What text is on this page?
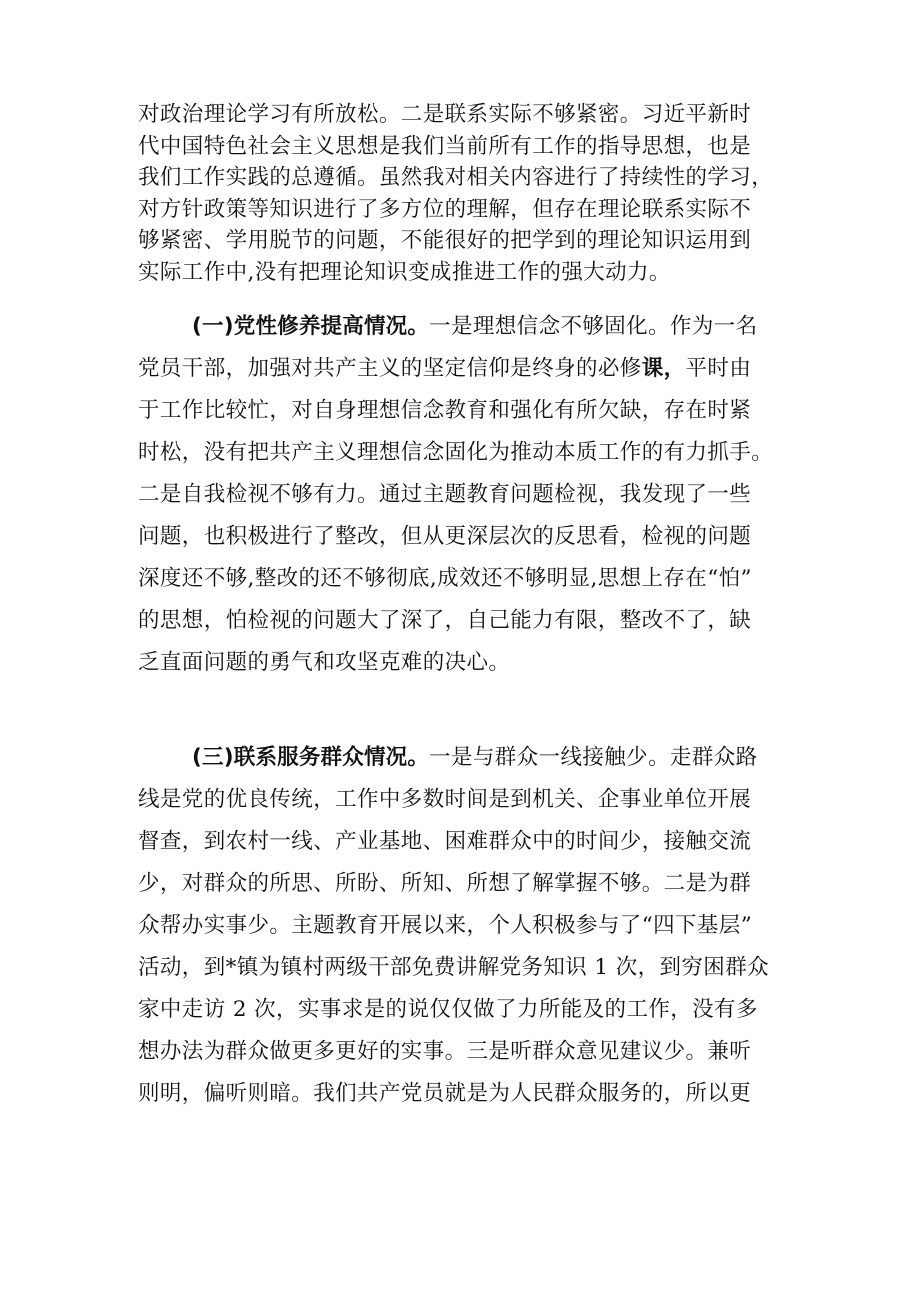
对政治理论学习有所放松。二是联系实际不够紧密。习近平新时
代中国特色社会主义思想是我们当前所有工作的指导思想，也是
我们工作实践的总遵循。虽然我对相关内容进行了持续性的学习，
对方针政策等知识进行了多方位的理解，但存在理论联系实际不
够紧密、学用脱节的问题，不能很好的把学到的理论知识运用到
实际工作中,没有把理论知识变成推进工作的强大动力。
(一)党性修养提高情况。一是理想信念不够固化。作为一名
党员干部，加强对共产主义的坚定信仰是终身的必修课，平时由
于工作比较忙，对自身理想信念教育和强化有所欠缺，存在时紧
时松，没有把共产主义理想信念固化为推动本质工作的有力抓手。
二是自我检视不够有力。通过主题教育问题检视，我发现了一些
问题，也积极进行了整改，但从更深层次的反思看，检视的问题
深度还不够,整改的还不够彻底,成效还不够明显,思想上存在“怕”
的思想，怕检视的问题大了深了，自己能力有限，整改不了，缺
乏直面问题的勇气和攻坚克难的决心。
(三)联系服务群众情况。一是与群众一线接触少。走群众路
线是党的优良传统，工作中多数时间是到机关、企事业单位开展
督查，到农村一线、产业基地、困难群众中的时间少，接触交流
少，对群众的所思、所盼、所知、所想了解掌握不够。二是为群
众帮办实事少。主题教育开展以来，个人积极参与了“四下基层”
活动，到*镇为镇村两级干部免费讲解党务知识 1 次，到穷困群众
家中走访 2 次，实事求是的说仅仅做了力所能及的工作，没有多
想办法为群众做更多更好的实事。三是听群众意见建议少。兼听
则明，偏听则暗。我们共产党员就是为人民群众服务的，所以更
